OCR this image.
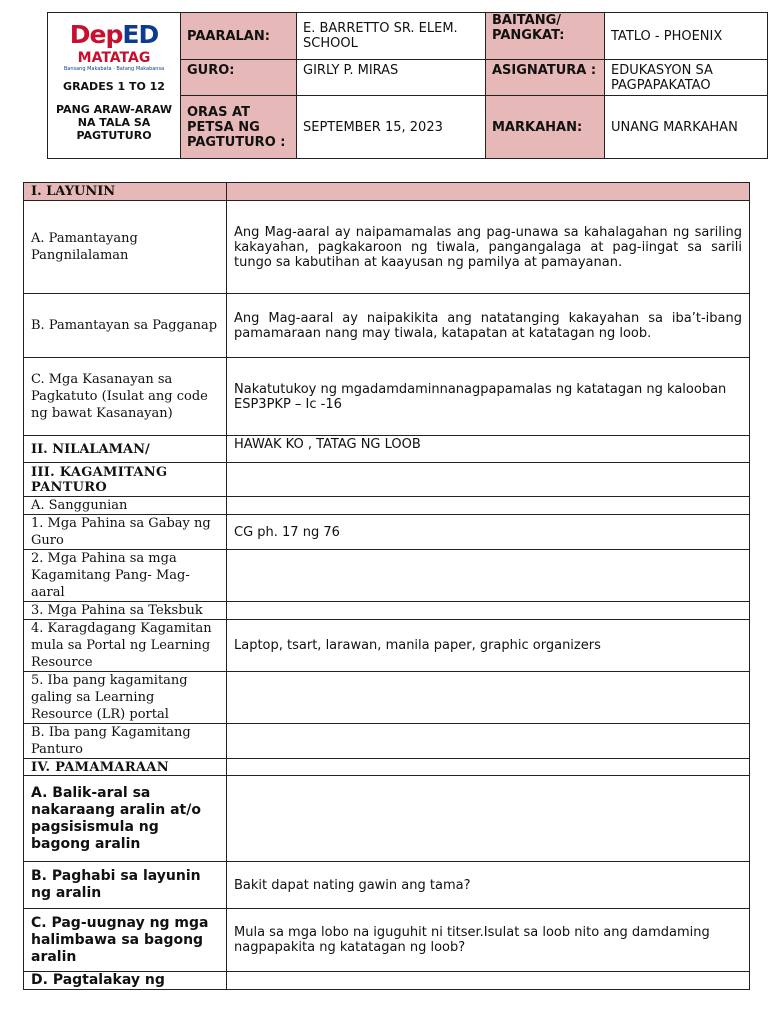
DepED
MATATAG
Bansang Makabata · Batang Makabansa
GRADES 1 TO 12
PANG ARAW-ARAW NA TALA SA PAGTUTURO	PAARALAN:	E. BARRETTO SR. ELEM. SCHOOL	BAITANG/ PANGKAT:	TATLO - PHOENIX
	GURO:	GIRLY P. MIRAS	ASIGNATURA :	EDUKASYON SA PAGPAPAKATAO
	ORAS AT PETSA NG PAGTUTURO :	SEPTEMBER 15, 2023	MARKAHAN:	UNANG MARKAHAN
I. LAYUNIN	
A. Pamantayang Pangnilalaman	Ang Mag-aaral ay naipamamalas ang pag-unawa sa kahalagahan ng sariling kakayahan, pagkakaroon ng tiwala, pangangalaga at pag-iingat sa sarili tungo sa kabutihan at kaayusan ng pamilya at pamayanan.
B. Pamantayan sa Pagganap	Ang Mag-aaral ay naipakikita ang natatanging kakayahan sa iba’t-ibang pamamaraan nang may tiwala, katapatan at katatagan ng loob.
C. Mga Kasanayan sa Pagkatuto (Isulat ang code ng bawat Kasanayan)	Nakatutukoy ng mgadamdaminnanagpapamalas ng katatagan ng kalooban
ESP3PKP – Ic -16

II. NILALAMAN/	HAWAK KO , TATAG NG LOOB
III. KAGAMITANG PANTURO	
A. Sanggunian	
1. Mga Pahina sa Gabay ng Guro	CG ph. 17 ng 76
2. Mga Pahina sa mga Kagamitang Pang- Mag- aaral	
3. Mga Pahina sa Teksbuk	
4. Karagdagang Kagamitan mula sa Portal ng Learning Resource	Laptop, tsart, larawan, manila paper, graphic organizers
5. Iba pang kagamitang galing sa Learning Resource (LR) portal	
B. Iba pang Kagamitang Panturo	
IV. PAMAMARAAN	
A. Balik-aral sa nakaraang aralin at/o pagsisismula ng bagong aralin	
B. Paghabi sa layunin ng aralin	Bakit dapat nating gawin ang tama?
C. Pag-uugnay ng mga halimbawa sa bagong aralin	Mula sa mga lobo na iguguhit ni titser.Isulat sa loob nito ang damdaming nagpapakita ng katatagan ng loob?
D. Pagtalakay ng	
